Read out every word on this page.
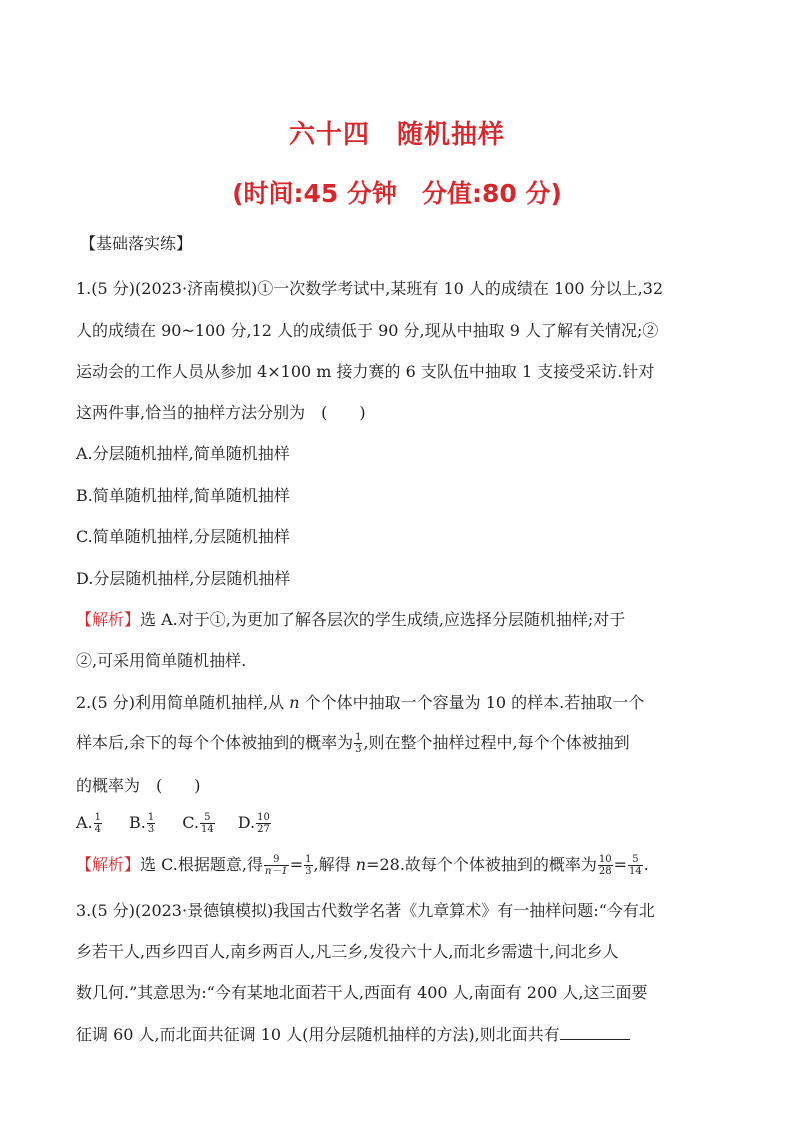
六十四　随机抽样
(时间:45 分钟　分值:80 分)
【基础落实练】
1.(5 分)(2023·济南模拟)①一次数学考试中,某班有 10 人的成绩在 100 分以上,32
人的成绩在 90~100 分,12 人的成绩低于 90 分,现从中抽取 9 人了解有关情况;②
运动会的工作人员从参加 4×100 m 接力赛的 6 支队伍中抽取 1 支接受采访.针对
这两件事,恰当的抽样方法分别为　(　　)
A.分层随机抽样,简单随机抽样
B.简单随机抽样,简单随机抽样
C.简单随机抽样,分层随机抽样
D.分层随机抽样,分层随机抽样
【解析】选 A.对于①,为更加了解各层次的学生成绩,应选择分层随机抽样;对于
②,可采用简单随机抽样.
2.(5 分)利用简单随机抽样,从 n 个个体中抽取一个容量为 10 的样本.若抽取一个
样本后,余下的每个个体被抽到的概率为 $\frac{1}{3}$ ,则在整个抽样过程中,每个个体被抽到
的概率为　(　　)
A. $\frac{1}{4} B$. $\frac{1}{3} C$. $\frac{5}{14} D$. $\frac{10}{27}$
【解析】选 C.根据题意,得 $\frac{9}{n-1} = \frac{1}{3}$ ,解得 n=28.故每个个体被抽到的概率为 $\frac{10}{28} = \frac{5}{14}$ .
3.(5 分)(2023·景德镇模拟)我国古代数学名著《九章算术》有一抽样问题:“今有北
乡若干人,西乡四百人,南乡两百人,凡三乡,发役六十人,而北乡需遗十,问北乡人
数几何.”其意思为:“今有某地北面若干人,西面有 400 人,南面有 200 人,这三面要
征调 60 人,而北面共征调 10 人(用分层随机抽样的方法),则北面共有
